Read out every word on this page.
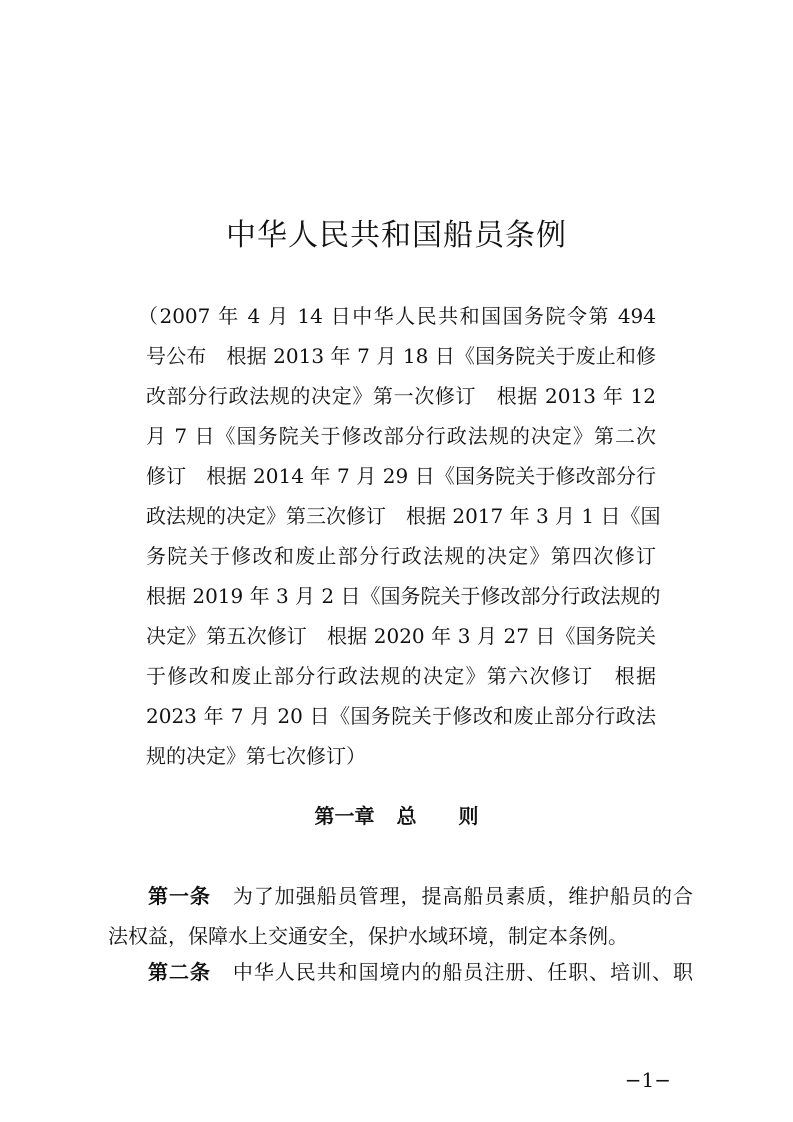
中华人民共和国船员条例
（2007 年 4 月 14 日中华人民共和国国务院令第 494
号公布　根据 2013 年 7 月 18 日《国务院关于废止和修
改部分行政法规的决定》第一次修订　根据 2013 年 12
月 7 日《国务院关于修改部分行政法规的决定》第二次
修订　根据 2014 年 7 月 29 日《国务院关于修改部分行
政法规的决定》第三次修订　根据 2017 年 3 月 1 日《国
务院关于修改和废止部分行政法规的决定》第四次修订
根据 2019 年 3 月 2 日《国务院关于修改部分行政法规的
决定》第五次修订　根据 2020 年 3 月 27 日《国务院关
于修改和废止部分行政法规的决定》第六次修订　根据
2023 年 7 月 20 日《国务院关于修改和废止部分行政法
规的决定》第七次修订）
第一章 总 则
第一条 为了加强船员管理，提高船员素质，维护船员的合
法权益，保障水上交通安全，保护水域环境，制定本条例。
第二条 中华人民共和国境内的船员注册、任职、培训、职
−1−
